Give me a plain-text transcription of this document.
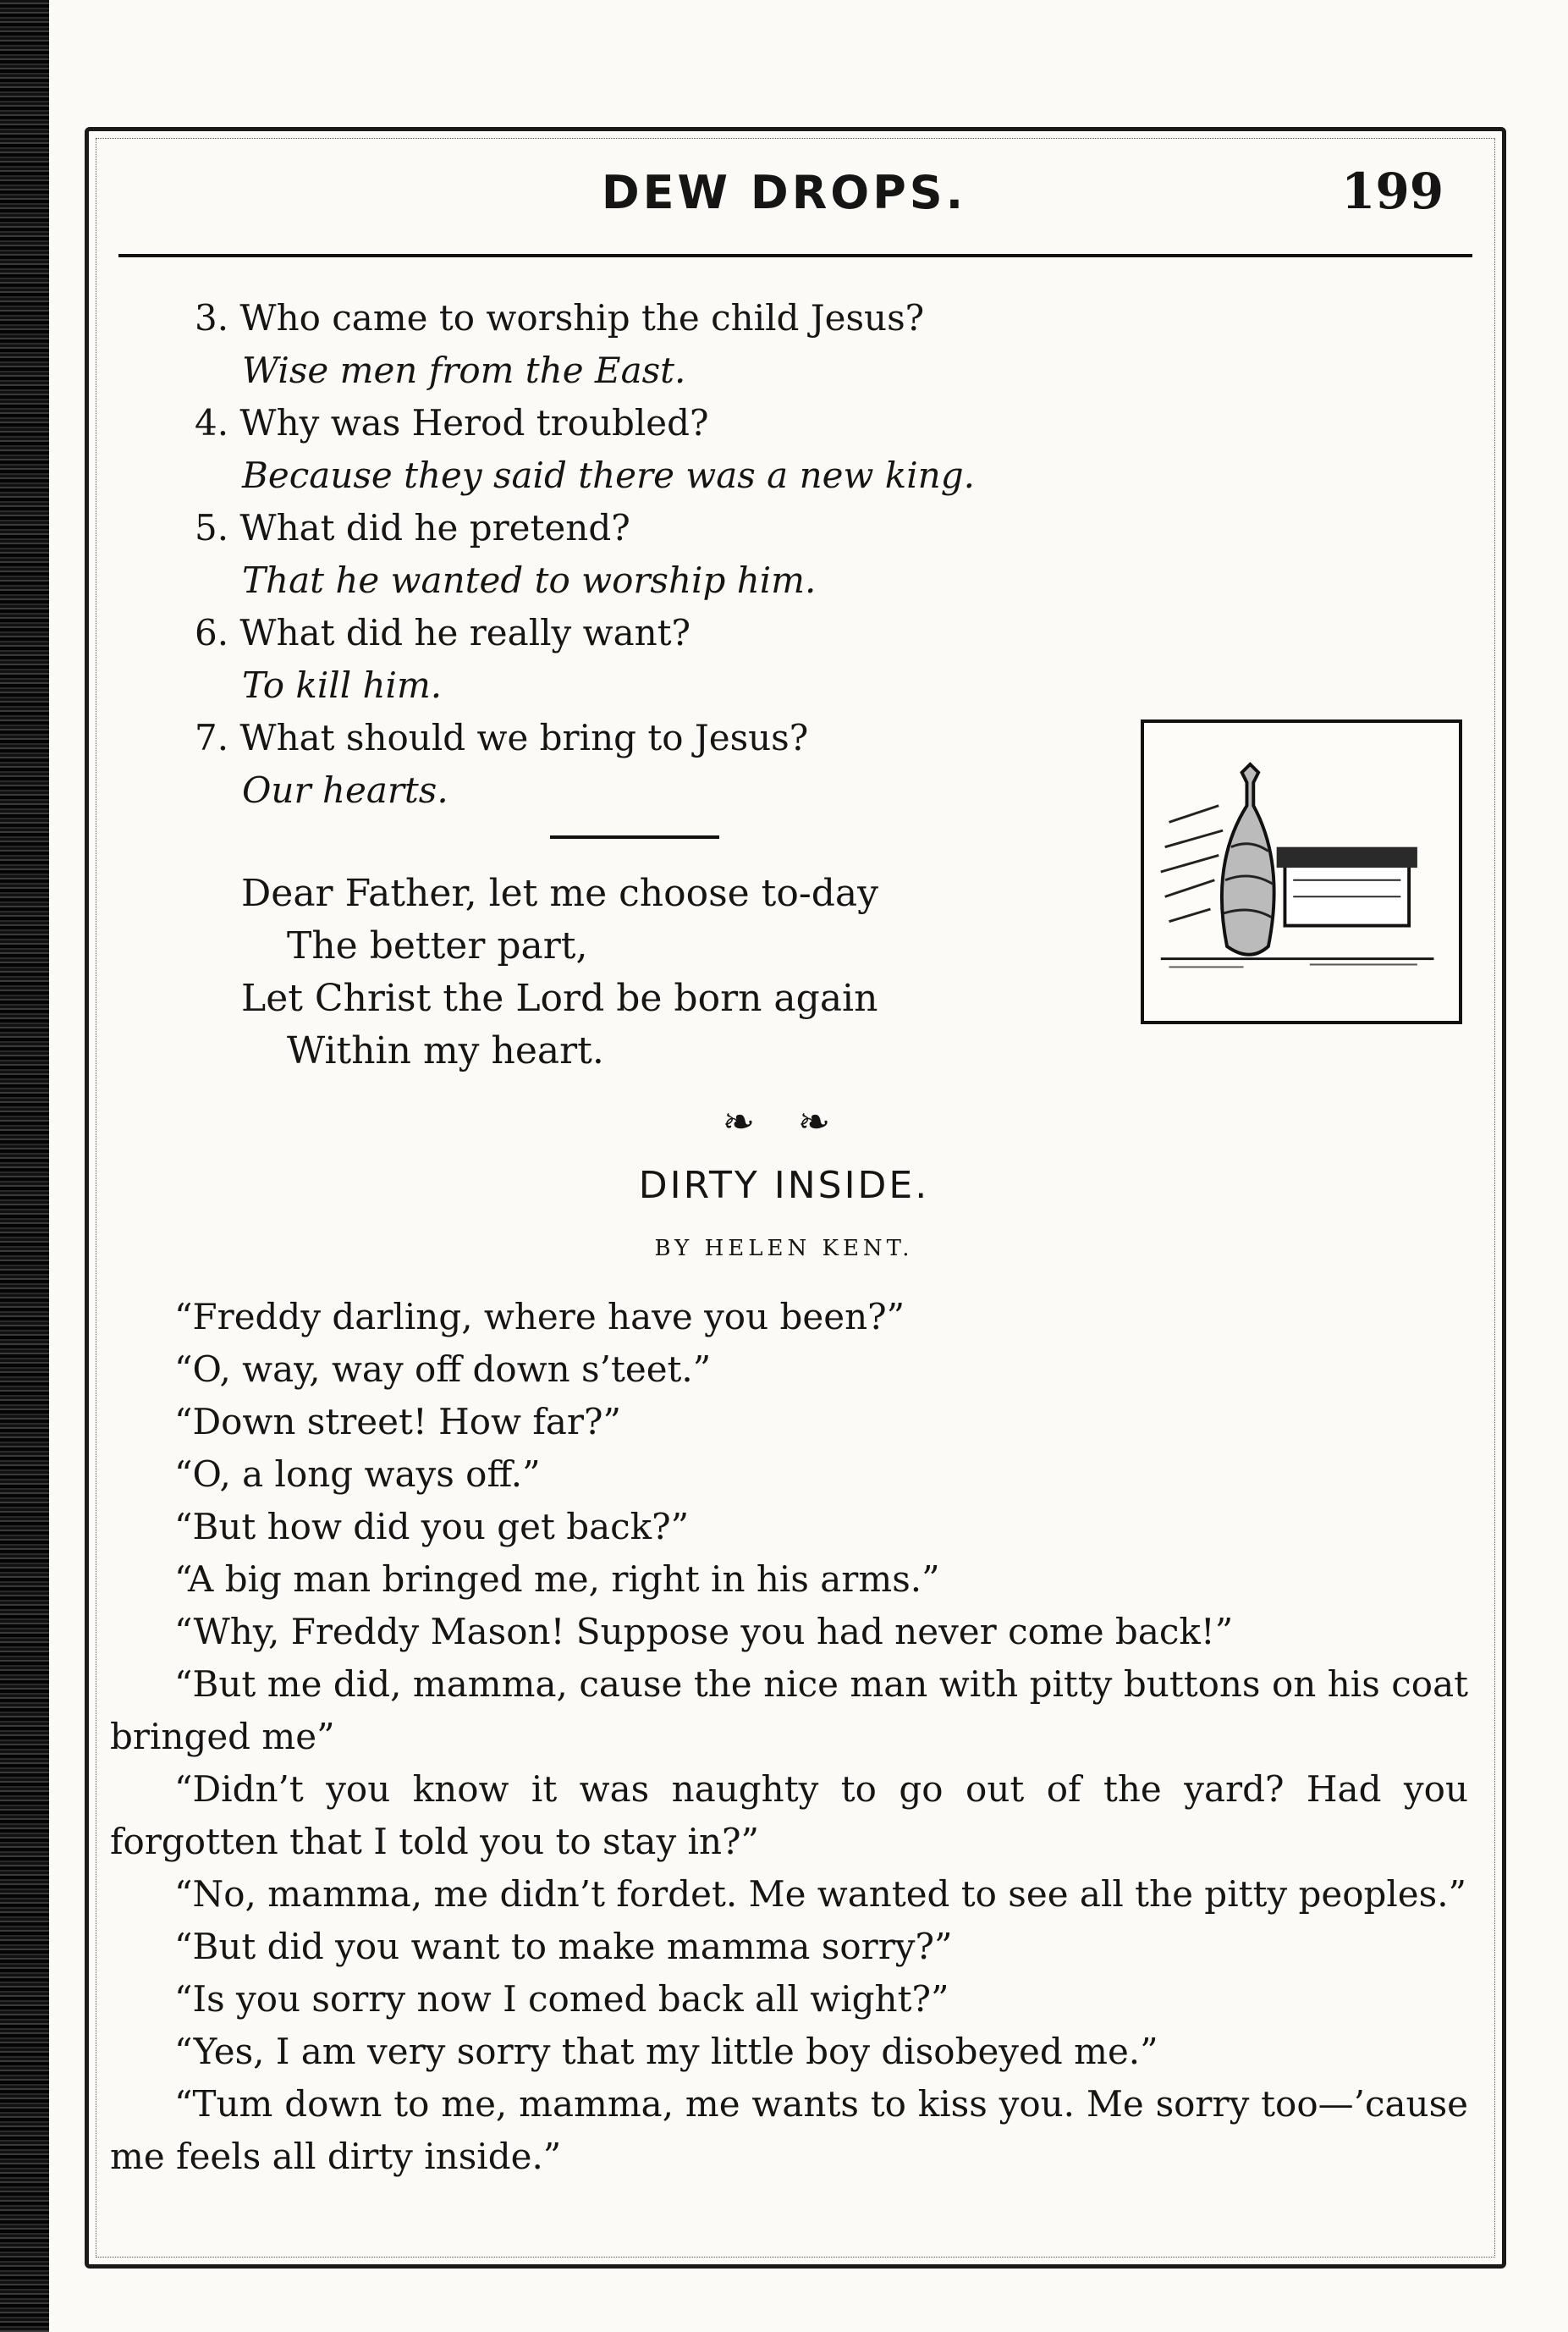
DEW DROPS.	199
3. Who came to worship the child Jesus?
Wise men from the East.
4. Why was Herod troubled?
Because they said there was a new king.
5. What did he pretend?
That he wanted to worship him.
6. What did he really want?
To kill him.
7. What should we bring to Jesus?
Our hearts.
Dear Father, let me choose to-day
The better part,
Let Christ the Lord be born again
Within my heart.
❧ ❧
DIRTY INSIDE.
BY HELEN KENT.
“Freddy darling, where have you been?”
“O, way, way off down s’teet.”
“Down street! How far?”
“O, a long ways off.”
“But how did you get back?”
“A big man bringed me, right in his arms.”
“Why, Freddy Mason! Suppose you had never come back!”
“But me did, mamma, cause the nice man with pitty buttons on his coat bringed me”
“Didn’t you know it was naughty to go out of the yard? Had you forgotten that I told you to stay in?”
“No, mamma, me didn’t fordet. Me wanted to see all the pitty peoples.”
“But did you want to make mamma sorry?”
“Is you sorry now I comed back all wight?”
“Yes, I am very sorry that my little boy disobeyed me.”
“Tum down to me, mamma, me wants to kiss you. Me sorry too—’cause me feels all dirty inside.”
